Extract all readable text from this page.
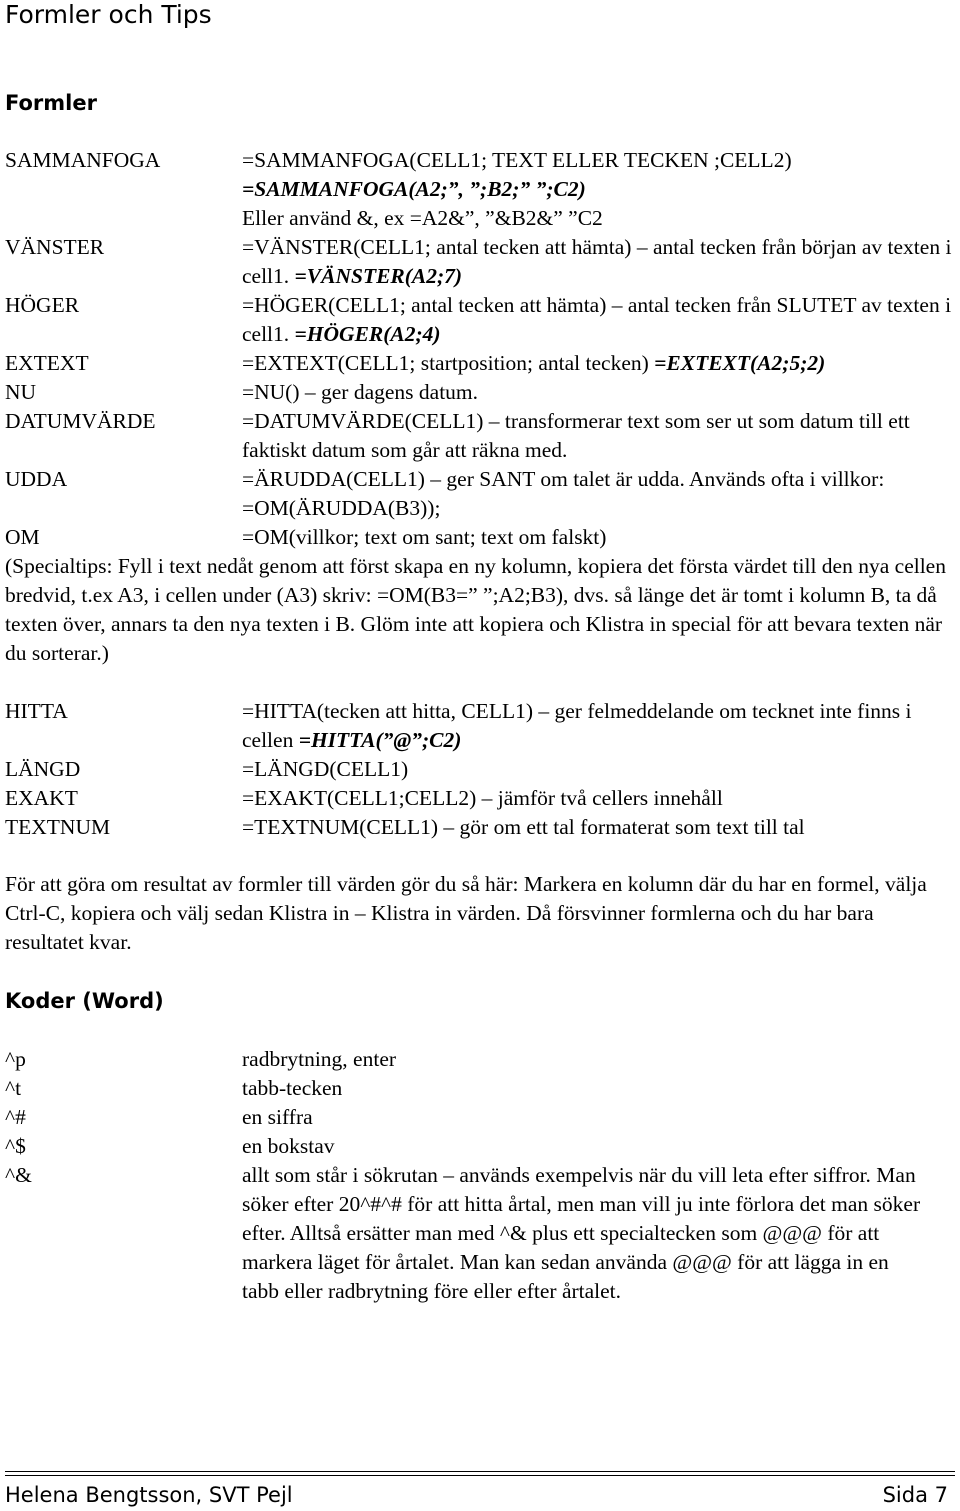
Formler och Tips
Formler
SAMMANFOGA	=SAMMANFOGA(CELL1; TEXT ELLER TECKEN ;CELL2)
=SAMMANFOGA(A2;”, ”;B2;” ”;C2)
Eller använd &, ex =A2&”, ”&B2&” ”C2
VÄNSTER	=VÄNSTER(CELL1; antal tecken att hämta) – antal tecken från början av texten i cell1. =VÄNSTER(A2;7)
HÖGER	=HÖGER(CELL1; antal tecken att hämta) – antal tecken från SLUTET av texten i cell1. =HÖGER(A2;4)
EXTEXT	=EXTEXT(CELL1; startposition; antal tecken) =EXTEXT(A2;5;2)
NU	=NU() – ger dagens datum.
DATUMVÄRDE	=DATUMVÄRDE(CELL1) – transformerar text som ser ut som datum till ett faktiskt datum som går att räkna med.
UDDA	=ÄRUDDA(CELL1) – ger SANT om talet är udda. Används ofta i villkor: =OM(ÄRUDDA(B3));
OM	=OM(villkor; text om sant; text om falskt)
(Specialtips: Fyll i text nedåt genom att först skapa en ny kolumn, kopiera det första värdet till den nya cellen bredvid, t.ex A3, i cellen under (A3) skriv: =OM(B3=” ”;A2;B3), dvs. så länge det är tomt i kolumn B, ta då texten över, annars ta den nya texten i B. Glöm inte att kopiera och Klistra in special för att bevara texten när du sorterar.)
HITTA	=HITTA(tecken att hitta, CELL1) – ger felmeddelande om tecknet inte finns i cellen =HITTA(”@”;C2)
LÄNGD	=LÄNGD(CELL1)
EXAKT	=EXAKT(CELL1;CELL2) – jämför två cellers innehåll
TEXTNUM	=TEXTNUM(CELL1) – gör om ett tal formaterat som text till tal
För att göra om resultat av formler till värden gör du så här: Markera en kolumn där du har en formel, välja Ctrl-C, kopiera och välj sedan Klistra in – Klistra in värden. Då försvinner formlerna och du har bara resultatet kvar.
Koder (Word)
^p	radbrytning, enter
^t	tabb-tecken
^#	en siffra
^$	en bokstav
^&	allt som står i sökrutan – används exempelvis när du vill leta efter siffror. Man söker efter 20^#^# för att hitta årtal, men man vill ju inte förlora det man söker efter. Alltså ersätter man med ^& plus ett specialtecken som @@@ för att markera läget för årtalet. Man kan sedan använda @@@ för att lägga in en tabb eller radbrytning före eller efter årtalet.
Helena Bengtsson, SVT Pejl	Sida 7
